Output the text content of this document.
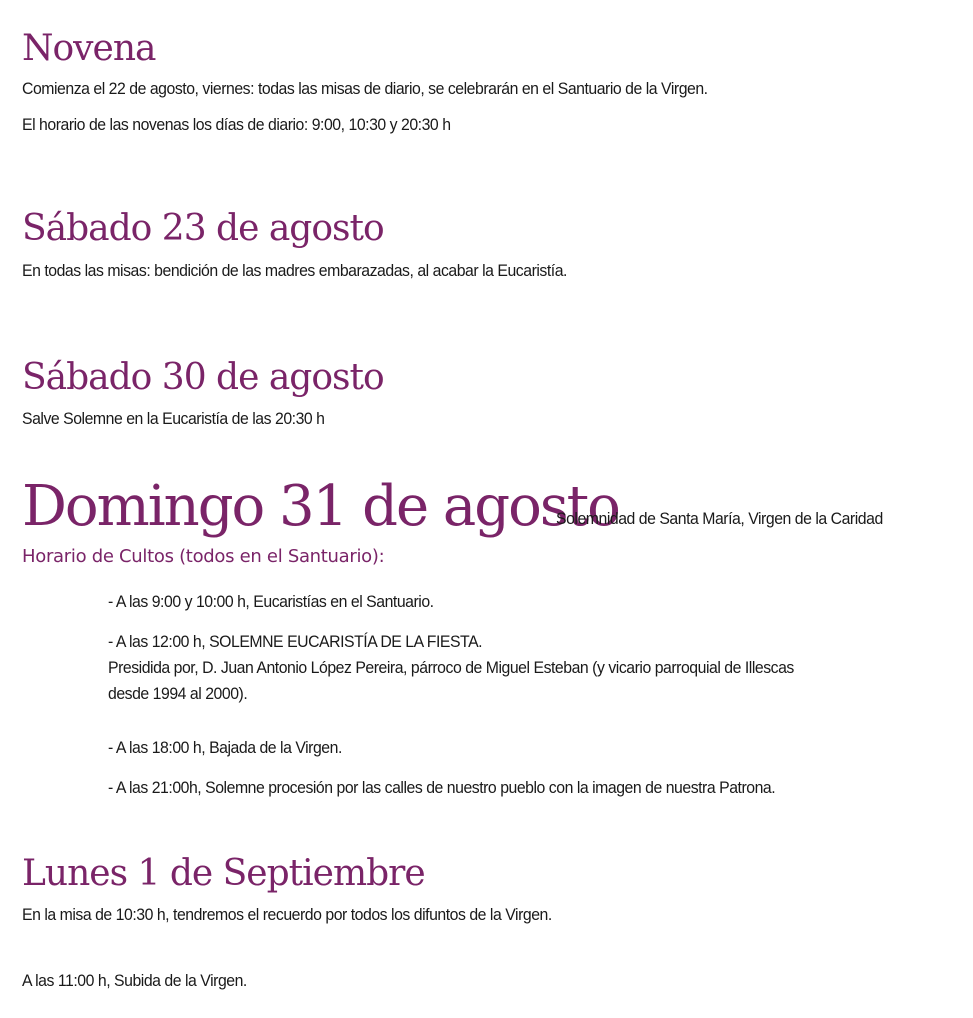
Novena

Comienza el 22 de agosto, viernes: todas las misas de diario, se celebrarán en el Santuario de la Virgen.

El horario de las novenas los días de diario: 9:00, 10:30 y 20:30 h

Sábado 23 de agosto

En todas las misas: bendición de las madres embarazadas, al acabar la Eucaristía.

Sábado 30 de agosto

Salve Solemne en la Eucaristía de las 20:30 h

Domingo 31 de agosto
Solemnidad de Santa María, Virgen de la Caridad

Horario de Cultos (todos en el Santuario):

- A las 9:00 y 10:00 h, Eucaristías en el Santuario.

- A las 12:00 h, SOLEMNE EUCARISTÍA DE LA FIESTA.

Presidida por, D. Juan Antonio López Pereira, párroco de Miguel Esteban (y vicario parroquial de Illescas

desde 1994 al 2000).

- A las 18:00 h, Bajada de la Virgen.

- A las 21:00h, Solemne procesión por las calles de nuestro pueblo con la imagen de nuestra Patrona.

Lunes 1 de Septiembre

En la misa de 10:30 h, tendremos el recuerdo por todos los difuntos de la Virgen.

A las 11:00 h, Subida de la Virgen.
